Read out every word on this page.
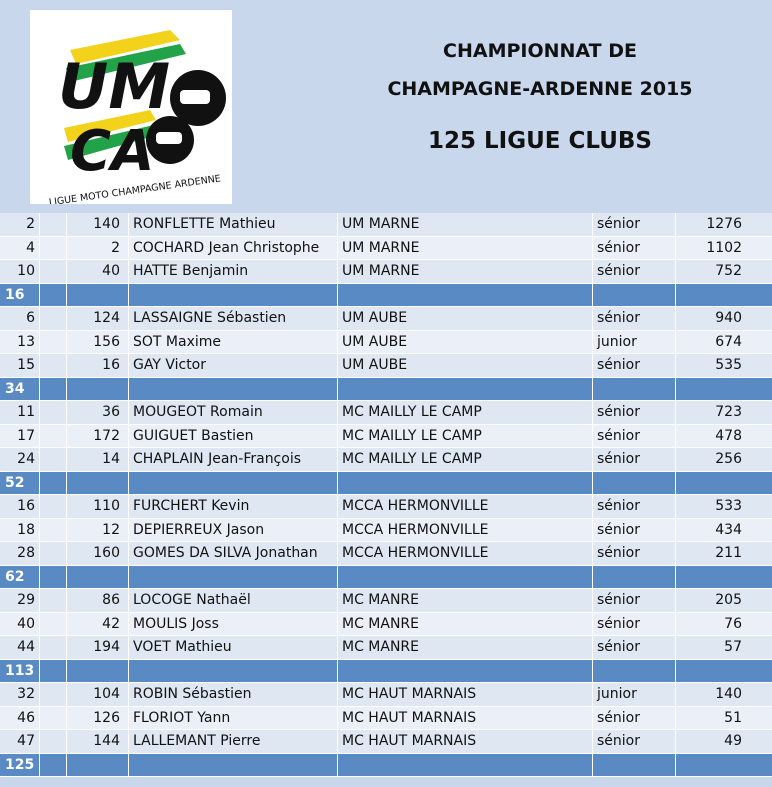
UM
CA
LIGUE MOTO CHAMPAGNE ARDENNE
CHAMPIONNAT DE
CHAMPAGNE-ARDENNE 2015
125 LIGUE CLUBS
2	140 RONFLETTE Mathieu	UM MARNE	sénior	1276
4	2 COCHARD Jean Christophe	UM MARNE	sénior	1102
10	40 HATTE Benjamin	UM MARNE	sénior	752
16
6	124 LASSAIGNE Sébastien	UM AUBE	sénior	940
13	156 SOT Maxime	UM AUBE	junior	674
15	16 GAY Victor	UM AUBE	sénior	535
34
11	36 MOUGEOT Romain	MC MAILLY LE CAMP	sénior	723
17	172 GUIGUET Bastien	MC MAILLY LE CAMP	sénior	478
24	14 CHAPLAIN Jean-François	MC MAILLY LE CAMP	sénior	256
52
16	110 FURCHERT Kevin	MCCA HERMONVILLE	sénior	533
18	12 DEPIERREUX Jason	MCCA HERMONVILLE	sénior	434
28	160 GOMES DA SILVA Jonathan	MCCA HERMONVILLE	sénior	211
62
29	86 LOCOGE Nathaël	MC MANRE	sénior	205
40	42 MOULIS Joss	MC MANRE	sénior	76
44	194 VOET Mathieu	MC MANRE	sénior	57
113
32	104 ROBIN Sébastien	MC HAUT MARNAIS	junior	140
46	126 FLORIOT Yann	MC HAUT MARNAIS	sénior	51
47	144 LALLEMANT Pierre	MC HAUT MARNAIS	sénior	49
125
